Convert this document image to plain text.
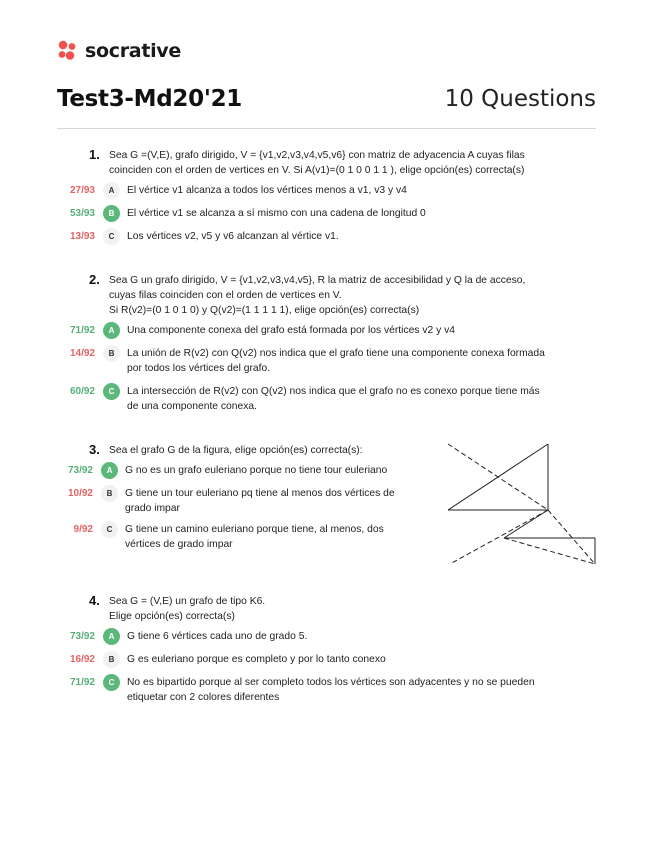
socrative
Test3-Md20'21	10 Questions
1. Sea G =(V,E), grafo dirigido, V = {v1,v2,v3,v4,v5,v6} con matriz de adyacencia A cuyas filas
coinciden con el orden de vertices en V. Si A(v1)=(0 1 0 0 1 1 ), elige opción(es) correcta(s)
27/93	A	El vértice v1 alcanza a todos los vértices menos a v1, v3 y v4
53/93	B	El vértice v1 se alcanza a sí mismo con una cadena de longitud 0
13/93	C	Los vértices v2, v5 y v6 alcanzan al vértice v1.
2. Sea G un grafo dirigido, V = {v1,v2,v3,v4,v5}, R la matriz de accesibilidad y Q la de acceso,
cuyas filas coinciden con el orden de vertices en V.
Si R(v2)=(0 1 0 1 0) y Q(v2)=(1 1 1 1 1), elige opción(es) correcta(s)
71/92	A	Una componente conexa del grafo está formada por los vértices v2 y v4
14/92	B	La unión de R(v2) con Q(v2) nos indica que el grafo tiene una componente conexa formada
por todos los vértices del grafo.
60/92	C	La intersección de R(v2) con Q(v2) nos indica que el grafo no es conexo porque tiene más
de una componente conexa.
3. Sea el grafo G de la figura, elige opción(es) correcta(s):
73/92	A	G no es un grafo euleriano porque no tiene tour euleriano
10/92	B	G tiene un tour euleriano pq tiene al menos dos vértices de
grado impar
9/92	C	G tiene un camino euleriano porque tiene, al menos, dos
vértices de grado impar
4. Sea G = (V,E) un grafo de tipo K6.
Elige opción(es) correcta(s)
73/92	A	G tiene 6 vértices cada uno de grado 5.
16/92	B	G es euleriano porque es completo y por lo tanto conexo
71/92	C	No es bipartido porque al ser completo todos los vértices son adyacentes y no se pueden
etiquetar con 2 colores diferentes
